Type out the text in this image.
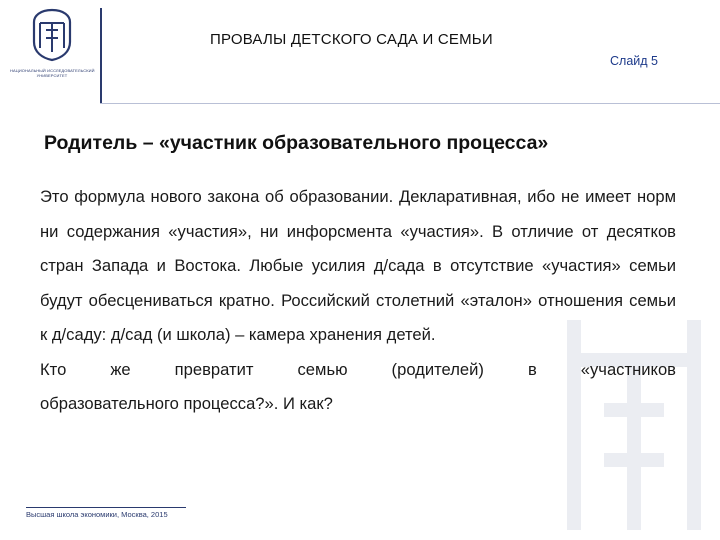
НАЦИОНАЛЬНЫЙ ИССЛЕДОВАТЕЛЬСКИЙ
УНИВЕРСИТЕТ
ПРОВАЛЫ ДЕТСКОГО САДА И СЕМЬИ
Слайд 5
Родитель – «участник образовательного процесса»

Это формула нового закона об образовании. Декларативная, ибо не имеет норм ни содержания «участия», ни инфорсмента «участия». В отличие от десятков стран Запада и Востока. Любые усилия д/сада в отсутствие «участия» семьи будут обесцениваться кратно. Российский столетний «эталон» отношения семьи к д/саду: д/сад (и школа) – камера хранения детей.

Кто же превратит семью (родителей) в «участников

образовательного процесса?». И как?

Высшая школа экономики, Москва, 2015
